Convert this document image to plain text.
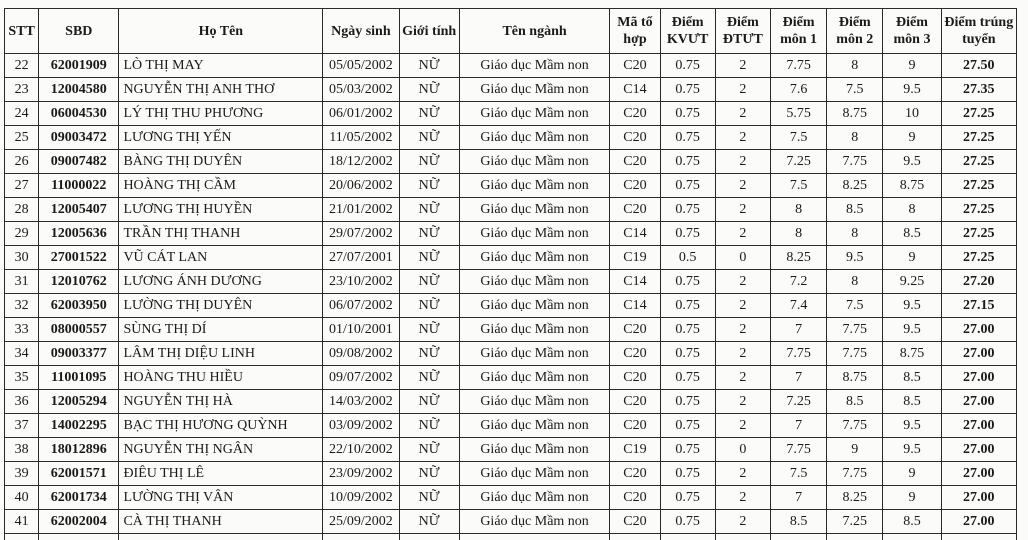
STT	SBD	Họ Tên	Ngày sinh	Giới tính	Tên ngành	Mã tổ hợp	Điểm KVƯT	Điểm ĐTƯT	Điểm môn 1	Điểm môn 2	Điểm môn 3	Điểm trúng tuyển
22	62001909	LÒ THỊ MAY	05/05/2002	NỮ	Giáo dục Mầm non	C20	0.75	2	7.75	8	9	27.50
23	12004580	NGUYỄN THỊ ANH THƠ	05/03/2002	NỮ	Giáo dục Mầm non	C14	0.75	2	7.6	7.5	9.5	27.35
24	06004530	LÝ THỊ THU PHƯƠNG	06/01/2002	NỮ	Giáo dục Mầm non	C20	0.75	2	5.75	8.75	10	27.25
25	09003472	LƯƠNG THỊ YẾN	11/05/2002	NỮ	Giáo dục Mầm non	C20	0.75	2	7.5	8	9	27.25
26	09007482	BÀNG THỊ DUYÊN	18/12/2002	NỮ	Giáo dục Mầm non	C20	0.75	2	7.25	7.75	9.5	27.25
27	11000022	HOÀNG THỊ CẦM	20/06/2002	NỮ	Giáo dục Mầm non	C20	0.75	2	7.5	8.25	8.75	27.25
28	12005407	LƯƠNG THỊ HUYỀN	21/01/2002	NỮ	Giáo dục Mầm non	C20	0.75	2	8	8.5	8	27.25
29	12005636	TRẦN THỊ THANH	29/07/2002	NỮ	Giáo dục Mầm non	C14	0.75	2	8	8	8.5	27.25
30	27001522	VŨ CÁT LAN	27/07/2001	NỮ	Giáo dục Mầm non	C19	0.5	0	8.25	9.5	9	27.25
31	12010762	LƯƠNG ÁNH DƯƠNG	23/10/2002	NỮ	Giáo dục Mầm non	C14	0.75	2	7.2	8	9.25	27.20
32	62003950	LƯỜNG THỊ DUYÊN	06/07/2002	NỮ	Giáo dục Mầm non	C14	0.75	2	7.4	7.5	9.5	27.15
33	08000557	SÙNG THỊ DÍ	01/10/2001	NỮ	Giáo dục Mầm non	C20	0.75	2	7	7.75	9.5	27.00
34	09003377	LÂM THỊ DIỆU LINH	09/08/2002	NỮ	Giáo dục Mầm non	C20	0.75	2	7.75	7.75	8.75	27.00
35	11001095	HOÀNG THU HIỀU	09/07/2002	NỮ	Giáo dục Mầm non	C20	0.75	2	7	8.75	8.5	27.00
36	12005294	NGUYỄN THỊ HÀ	14/03/2002	NỮ	Giáo dục Mầm non	C20	0.75	2	7.25	8.5	8.5	27.00
37	14002295	BẠC THỊ HƯƠNG QUỲNH	03/09/2002	NỮ	Giáo dục Mầm non	C20	0.75	2	7	7.75	9.5	27.00
38	18012896	NGUYỄN THỊ NGÂN	22/10/2002	NỮ	Giáo dục Mầm non	C19	0.75	0	7.75	9	9.5	27.00
39	62001571	ĐIÊU THỊ LÊ	23/09/2002	NỮ	Giáo dục Mầm non	C20	0.75	2	7.5	7.75	9	27.00
40	62001734	LƯỜNG THỊ VÂN	10/09/2002	NỮ	Giáo dục Mầm non	C20	0.75	2	7	8.25	9	27.00
41	62002004	CÀ THỊ THANH	25/09/2002	NỮ	Giáo dục Mầm non	C20	0.75	2	8.5	7.25	8.5	27.00
